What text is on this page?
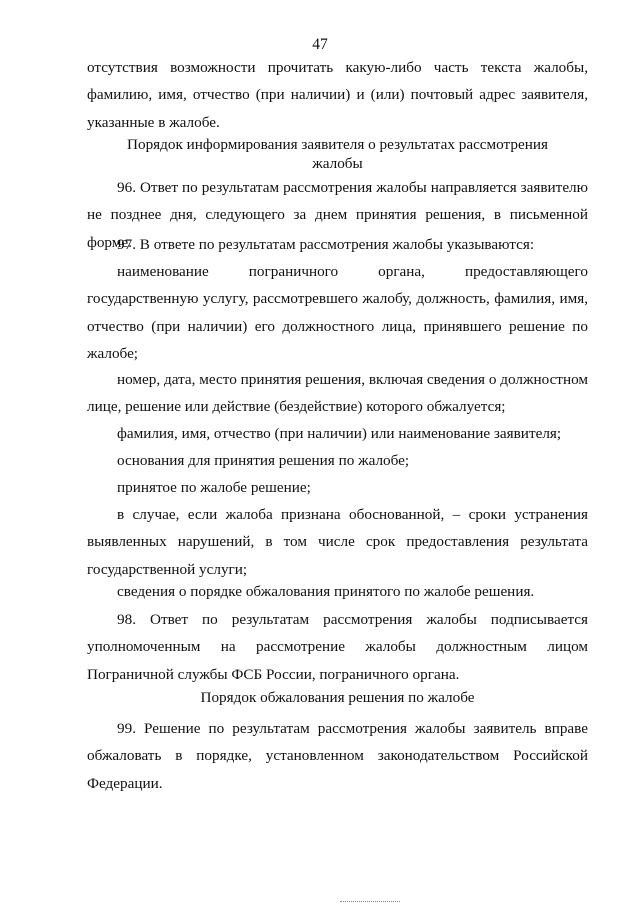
47

отсутствия возможности прочитать какую-либо часть текста жалобы, фамилию, имя, отчество (при наличии) и (или) почтовый адрес заявителя, указанные в жалобе.

Порядок информирования заявителя о результатах рассмотрения жалобы

96. Ответ по результатам рассмотрения жалобы направляется заявителю не позднее дня, следующего за днем принятия решения, в письменной форме.

97. В ответе по результатам рассмотрения жалобы указываются:

наименование пограничного органа, предоставляющего государственную услугу, рассмотревшего жалобу, должность, фамилия, имя, отчество (при наличии) его должностного лица, принявшего решение по жалобе;

номер, дата, место принятия решения, включая сведения о должностном лице, решение или действие (бездействие) которого обжалуется;

фамилия, имя, отчество (при наличии) или наименование заявителя;

основания для принятия решения по жалобе;

принятое по жалобе решение;

в случае, если жалоба признана обоснованной, – сроки устранения выявленных нарушений, в том числе срок предоставления результата государственной услуги;

сведения о порядке обжалования принятого по жалобе решения.

98. Ответ по результатам рассмотрения жалобы подписывается уполномоченным на рассмотрение жалобы должностным лицом Пограничной службы ФСБ России, пограничного органа.

Порядок обжалования решения по жалобе

99. Решение по результатам рассмотрения жалобы заявитель вправе обжаловать в порядке, установленном законодательством Российской Федерации.
